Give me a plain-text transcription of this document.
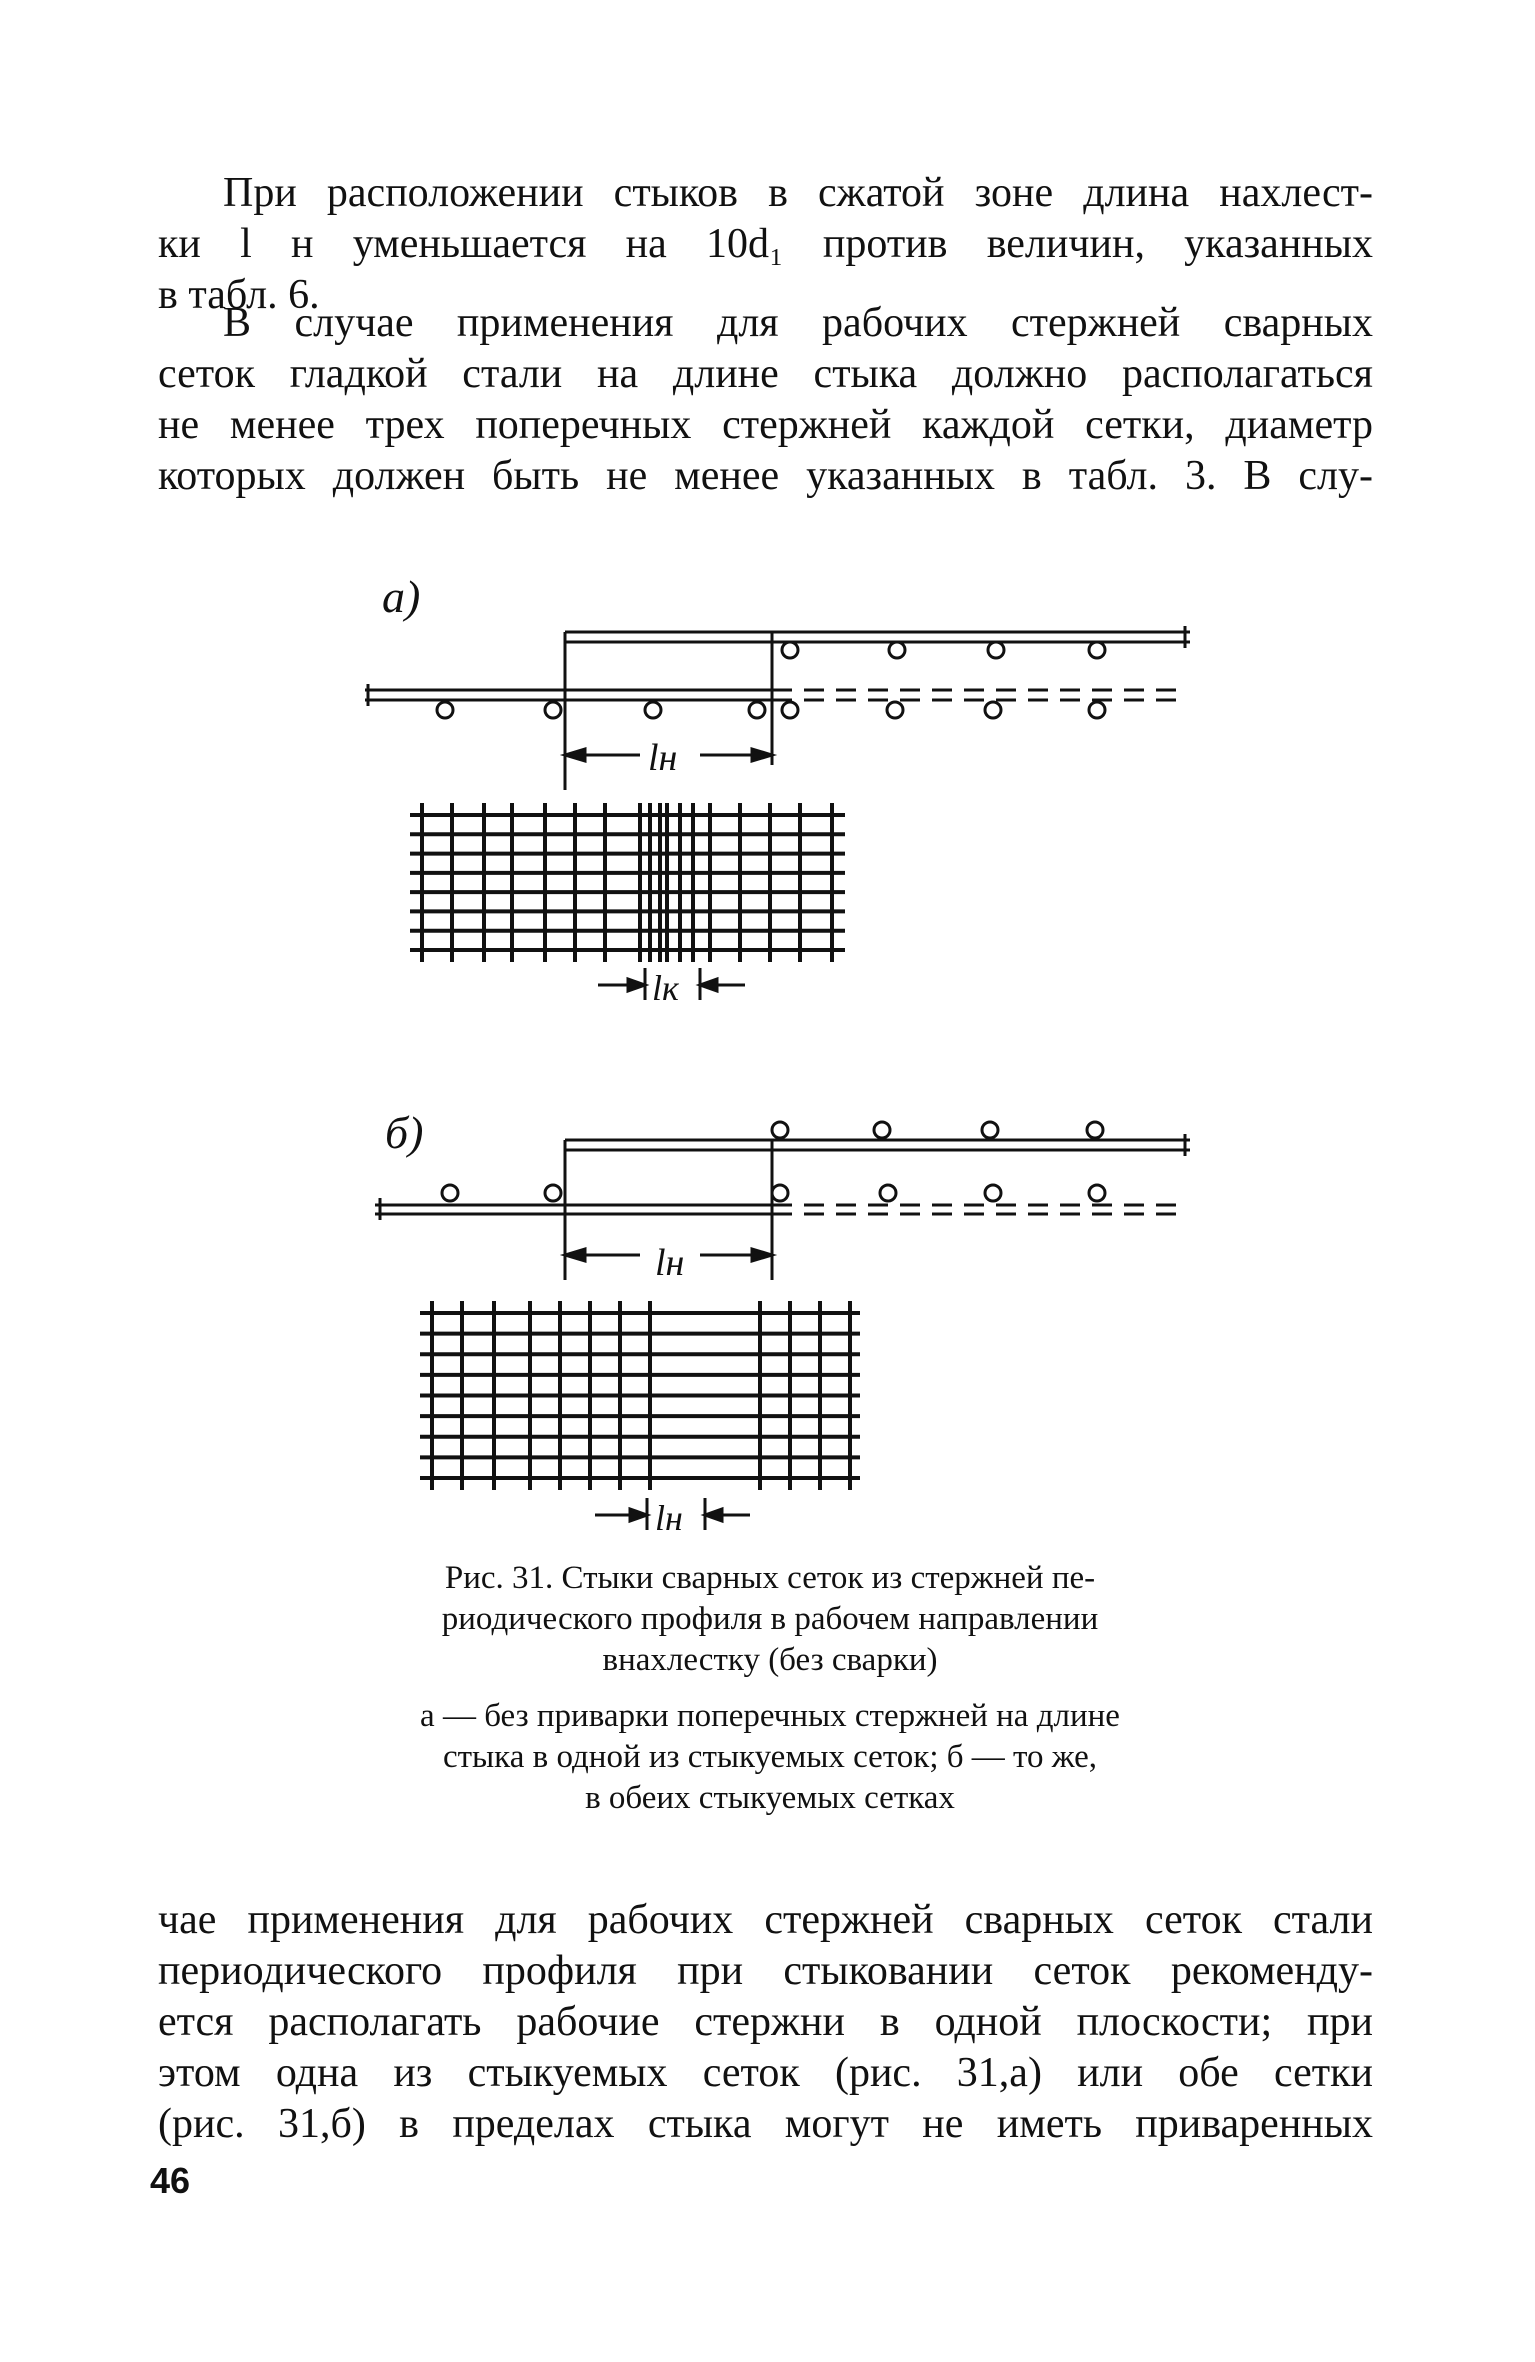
При расположении стыков в сжатой зоне длина нахлест-
ки l н уменьшается на 10d₁ против величин, указанных
в табл. 6.
В случае применения для рабочих стержней сварных
сеток гладкой стали на длине стыка должно располагаться
не менее трех поперечных стержней каждой сетки, диаметр
которых должен быть не менее указанных в табл. 3. В слу-
а)
lн
lк
б)
lн
lн
Рис. 31. Стыки сварных сеток из стержней пе-
риодического профиля в рабочем направлении
внахлестку (без сварки)
а — без приварки поперечных стержней на длине
стыка в одной из стыкуемых сеток; б — то же,
в обеих стыкуемых сетках
чае применения для рабочих стержней сварных сеток стали
периодического профиля при стыковании сеток рекоменду-
ется располагать рабочие стержни в одной плоскости; при
этом одна из стыкуемых сеток (рис. 31,а) или обе сетки
(рис. 31,б) в пределах стыка могут не иметь приваренных
46
